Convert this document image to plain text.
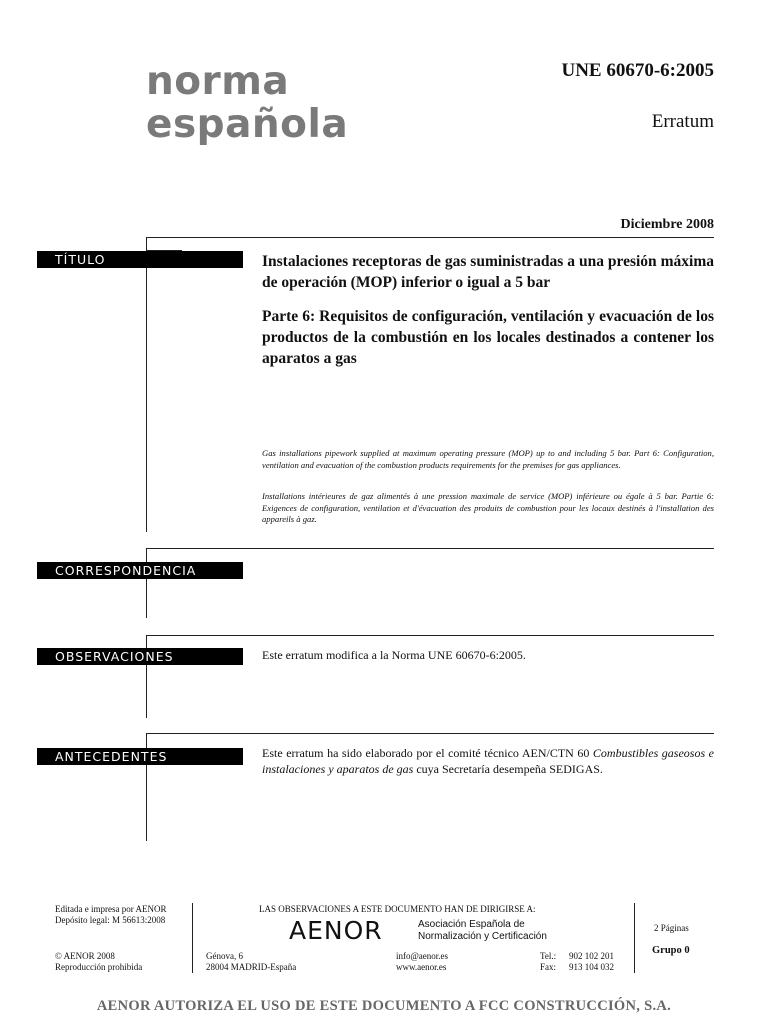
norma
española
UNE 60670-6:2005
Erratum
Diciembre 2008
TÍTULO	Instalaciones receptoras de gas suministradas a una presión máxima de operación (MOP) inferior o igual a 5 bar
Parte 6: Requisitos de configuración, ventilación y evacuación de los productos de la combustión en los locales destinados a contener los aparatos a gas
Gas installations pipework supplied at maximum operating pressure (MOP) up to and including 5 bar. Part 6: Configuration, ventilation and evacuation of the combustion products requirements for the premises for gas appliances.
Installations intérieures de gaz alimentés à une pression maximale de service (MOP) inférieure ou égale à 5 bar. Partie 6: Exigences de configuration, ventilation et d'évacuation des produits de combustion pour les locaux destinés à l'installation des appareils à gaz.
CORRESPONDENCIA
OBSERVACIONES	Este erratum modifica a la Norma UNE 60670-6:2005.
ANTECEDENTES	Este erratum ha sido elaborado por el comité técnico AEN/CTN 60 Combustibles gaseosos e instalaciones y aparatos de gas cuya Secretaría desempeña SEDIGAS.
Editada e impresa por AENOR
Depósito legal: M 56613:2008
© AENOR 2008
Reproducción prohibida
LAS OBSERVACIONES A ESTE DOCUMENTO HAN DE DIRIGIRSE A:
AENOR	Asociación Española de
Normalización y Certificación
Génova, 6
28004 MADRID-España
info@aenor.es
www.aenor.es
Tel.: 902 102 201
Fax: 913 104 032
2 Páginas
Grupo 0
AENOR AUTORIZA EL USO DE ESTE DOCUMENTO A FCC CONSTRUCCIÓN, S.A.
